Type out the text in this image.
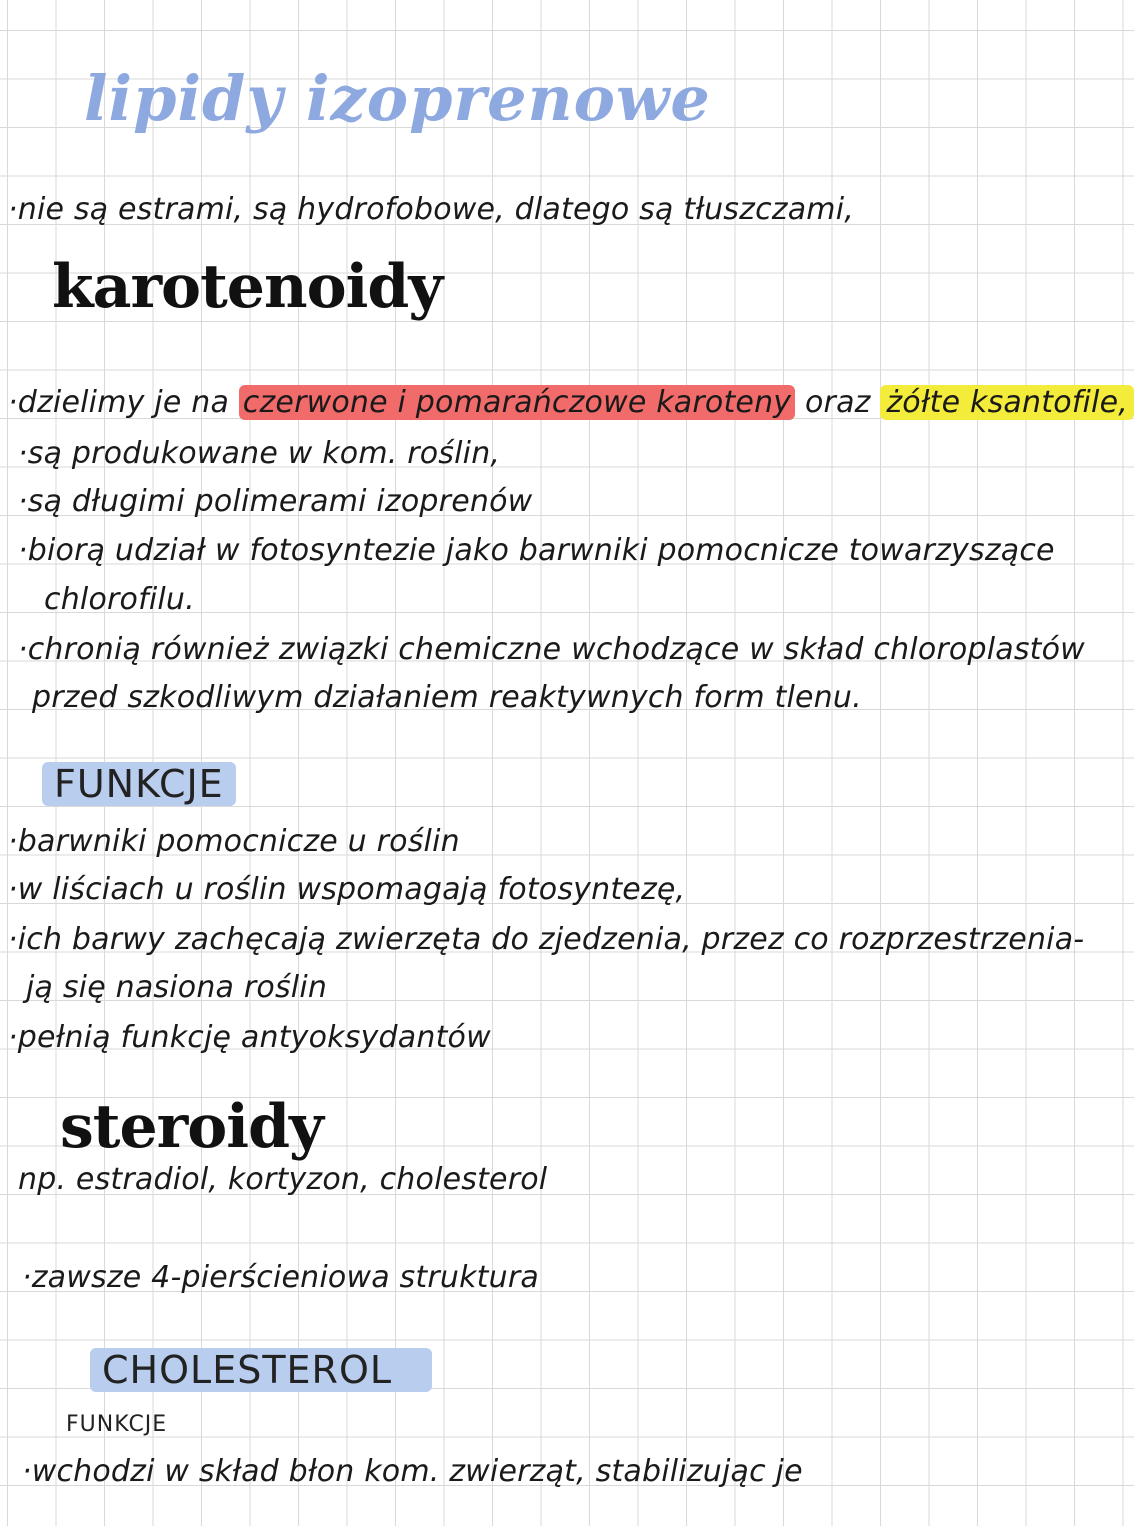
lipidy izoprenowe
·nie są estrami, są hydrofobowe, dlatego są tłuszczami,
karotenoidy
·dzielimy je na czerwone i pomarańczowe karoteny oraz żółte ksantofile,
·są produkowane w kom. roślin,
·są długimi polimerami izoprenów
·biorą udział w fotosyntezie jako barwniki pomocnicze towarzyszące
chlorofilu.
·chronią również związki chemiczne wchodzące w skład chloroplastów
przed szkodliwym działaniem reaktywnych form tlenu.
FUNKCJE
·barwniki pomocnicze u roślin
·w liściach u roślin wspomagają fotosyntezę,
·ich barwy zachęcają zwierzęta do zjedzenia, przez co rozprzestrzenia-
ją się nasiona roślin
·pełnią funkcję antyoksydantów
steroidy
np. estradiol, kortyzon, cholesterol
·zawsze 4-pierścieniowa struktura
CHOLESTEROL
FUNKCJE
·wchodzi w skład błon kom. zwierząt, stabilizując je
